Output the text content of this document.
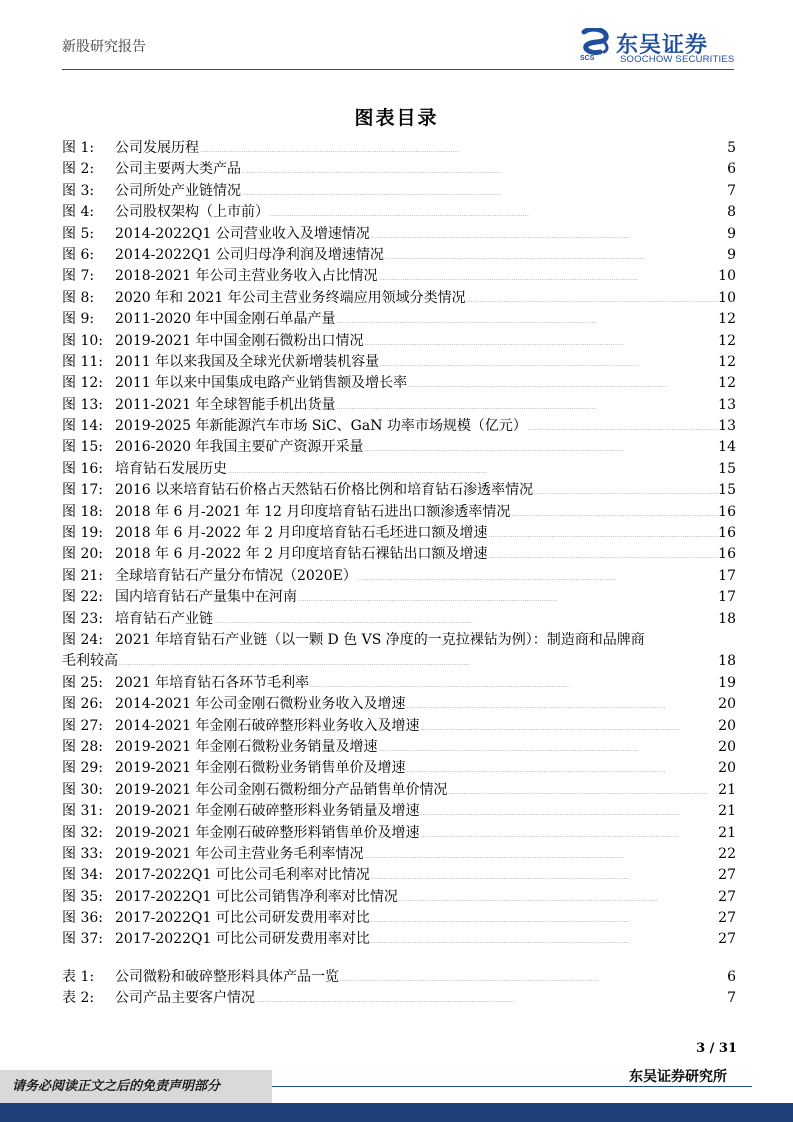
新股研究报告
SCS
东吴证券
SOOCHOW SECURITIES
图表目录
图 1: 公司发展历程 . . .	5
图 2: 公司主要两大类产品 . . .	6
图 3: 公司所处产业链情况 . . .	7
图 4: 公司股权架构（上市前） . . .	8
图 5: 2014-2022Q1 公司营业收入及增速情况 . . .	9
图 6: 2014-2022Q1 公司归母净利润及增速情况 . . .	9
图 7: 2018-2021 年公司主营业务收入占比情况 . . .	10
图 8: 2020 年和 2021 年公司主营业务终端应用领域分类情况 . . .	10
图 9: 2011-2020 年中国金刚石单晶产量 . . .	12
图 10: 2019-2021 年中国金刚石微粉出口情况 . . .	12
图 11: 2011 年以来我国及全球光伏新增装机容量 . . .	12
图 12: 2011 年以来中国集成电路产业销售额及增长率 . . .	12
图 13: 2011-2021 年全球智能手机出货量 . . .	13
图 14: 2019-2025 年新能源汽车市场 SiC、GaN 功率市场规模（亿元） . . .	13
图 15: 2016-2020 年我国主要矿产资源开采量 . . .	14
图 16: 培育钻石发展历史 . . .	15
图 17: 2016 以来培育钻石价格占天然钻石价格比例和培育钻石渗透率情况 . . .	15
图 18: 2018 年 6 月-2021 年 12 月印度培育钻石进出口额渗透率情况 . . .	16
图 19: 2018 年 6 月-2022 年 2 月印度培育钻石毛坯进口额及增速 . . .	16
图 20: 2018 年 6 月-2022 年 2 月印度培育钻石裸钻出口额及增速 . . .	16
图 21: 全球培育钻石产量分布情况（2020E） . . .	17
图 22: 国内培育钻石产量集中在河南 . . .	17
图 23: 培育钻石产业链 . . .	18
图 24: 2021 年培育钻石产业链（以一颗 D 色 VS 净度的一克拉裸钻为例）：制造商和品牌商
毛利较高 . . .	18
图 25: 2021 年培育钻石各环节毛利率 . . .	19
图 26: 2014-2021 年公司金刚石微粉业务收入及增速 . . .	20
图 27: 2014-2021 年金刚石破碎整形料业务收入及增速 . . .	20
图 28: 2019-2021 年金刚石微粉业务销量及增速 . . .	20
图 29: 2019-2021 年金刚石微粉业务销售单价及增速 . . .	20
图 30: 2019-2021 年公司金刚石微粉细分产品销售单价情况 . . .	21
图 31: 2019-2021 年金刚石破碎整形料业务销量及增速 . . .	21
图 32: 2019-2021 年金刚石破碎整形料销售单价及增速 . . .	21
图 33: 2019-2021 年公司主营业务毛利率情况 . . .	22
图 34: 2017-2022Q1 可比公司毛利率对比情况 . . .	27
图 35: 2017-2022Q1 可比公司销售净利率对比情况 . . .	27
图 36: 2017-2022Q1 可比公司研发费用率对比 . . .	27
图 37: 2017-2022Q1 可比公司研发费用率对比 . . .	27
表 1: 公司微粉和破碎整形料具体产品一览 . . .	6
表 2: 公司产品主要客户情况 . . .	7
3 / 31
东吴证券研究所
请务必阅读正文之后的免责声明部分
